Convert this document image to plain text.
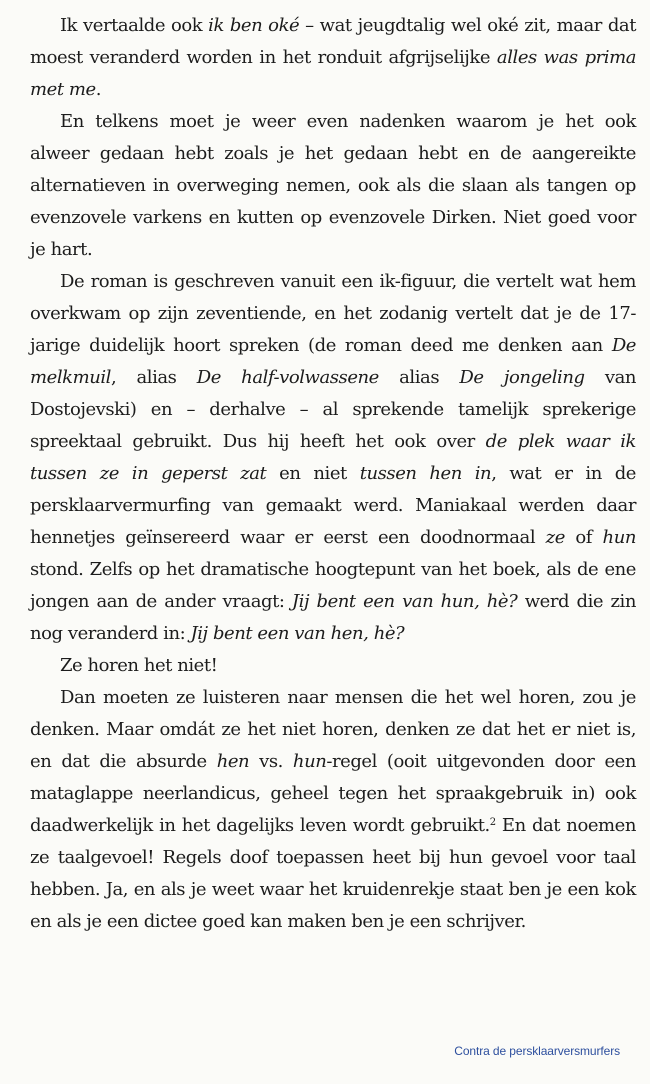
Ik vertaalde ook ik ben oké – wat jeugdtalig wel oké zit, maar dat moest veranderd worden in het ronduit afgrijselijke alles was prima met me.

En telkens moet je weer even nadenken waarom je het ook alweer gedaan hebt zoals je het gedaan hebt en de aangereikte alternatieven in overweging nemen, ook als die slaan als tangen op evenzovele varkens en kutten op evenzovele Dirken. Niet goed voor je hart.

De roman is geschreven vanuit een ik-figuur, die vertelt wat hem overkwam op zijn zeventiende, en het zodanig vertelt dat je de 17-jarige duidelijk hoort spreken (de roman deed me denken aan De melkmuil, alias De half-volwassene alias De jongeling van Dostojevski) en – derhalve – al sprekende tamelijk sprekerige spreektaal gebruikt. Dus hij heeft het ook over de plek waar ik tussen ze in geperst zat en niet tussen hen in, wat er in de persklaarvermurfing van gemaakt werd. Maniakaal werden daar hennetjes geïnsereerd waar er eerst een doodnormaal ze of hun stond. Zelfs op het dramatische hoogtepunt van het boek, als de ene jongen aan de ander vraagt: Jij bent een van hun, hè? werd die zin nog veranderd in: Jij bent een van hen, hè?

Ze horen het niet!

Dan moeten ze luisteren naar mensen die het wel horen, zou je denken. Maar omdát ze het niet horen, denken ze dat het er niet is, en dat die absurde hen vs. hun-regel (ooit uitgevonden door een mataglappe neerlandicus, geheel tegen het spraakgebruik in) ook daadwerkelijk in het dagelijks leven wordt gebruikt.$^2$ En dat noemen ze taalgevoel! Regels doof toepassen heet bij hun gevoel voor taal hebben. Ja, en als je weet waar het kruidenrekje staat ben je een kok en als je een dictee goed kan maken ben je een schrijver.

Contra de persklaarversmurfers
